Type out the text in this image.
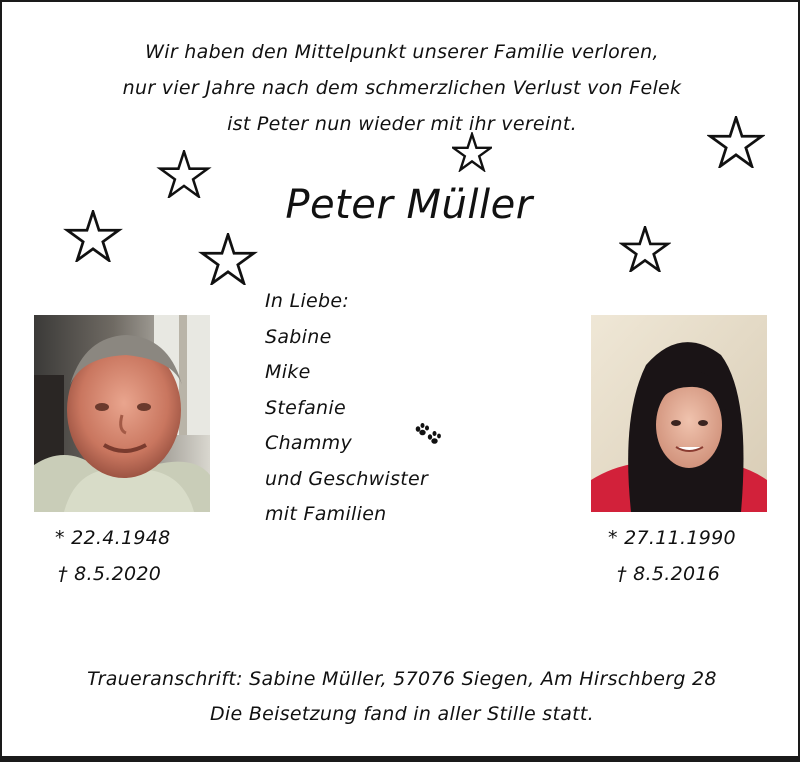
Wir haben den Mittelpunkt unserer Familie verloren,
nur vier Jahre nach dem schmerzlichen Verlust von Felek
ist Peter nun wieder mit ihr vereint.
Peter Müller
In Liebe:
Sabine
Mike
Stefanie
Chammy
und Geschwister
mit Familien
* 22.4.1948
† 8.5.2020
* 27.11.1990
† 8.5.2016
Traueranschrift: Sabine Müller, 57076 Siegen, Am Hirschberg 28
Die Beisetzung fand in aller Stille statt.
